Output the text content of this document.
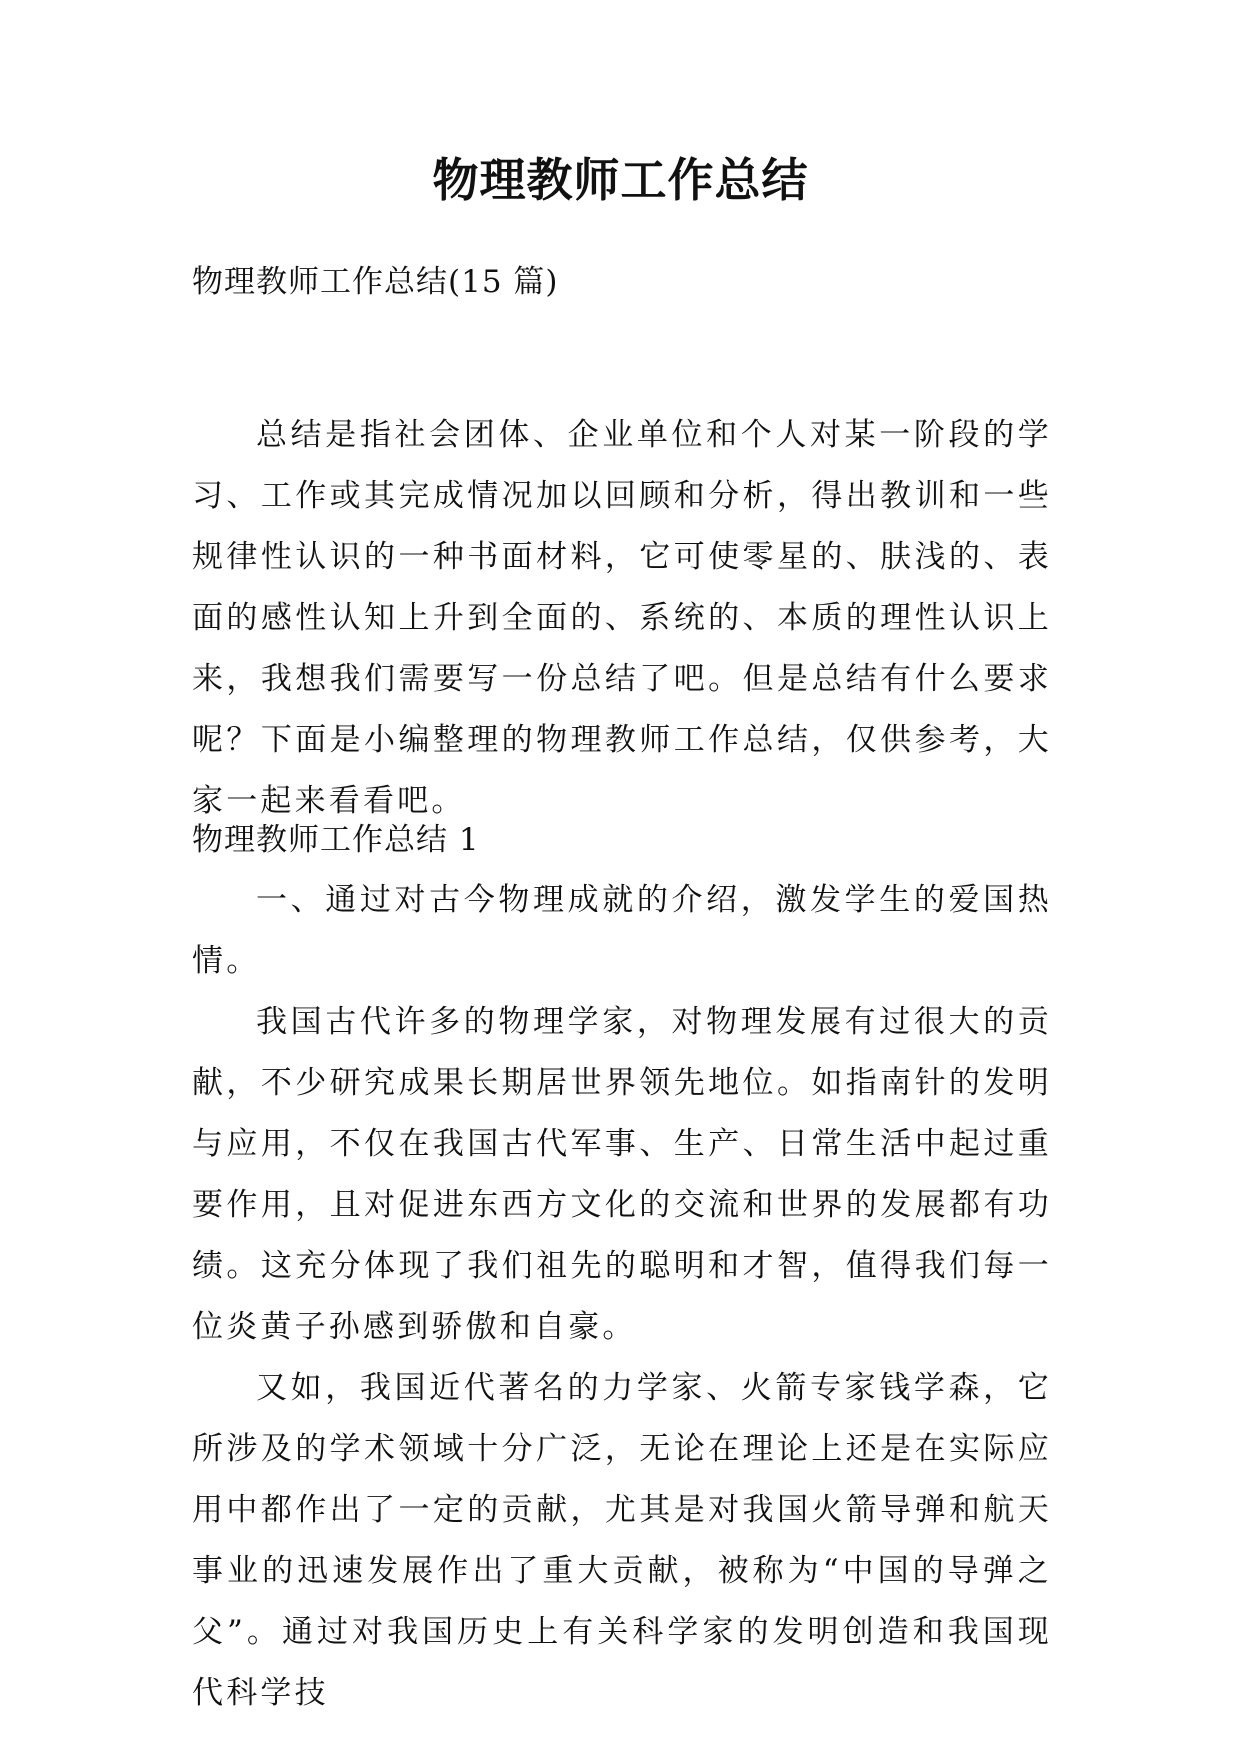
物理教师工作总结
物理教师工作总结(15 篇)
总结是指社会团体、企业单位和个人对某一阶段的学习、工作或其完成情况加以回顾和分析，得出教训和一些规律性认识的一种书面材料，它可使零星的、肤浅的、表面的感性认知上升到全面的、系统的、本质的理性认识上来，我想我们需要写一份总结了吧。但是总结有什么要求呢？下面是小编整理的物理教师工作总结，仅供参考，大家一起来看看吧。
物理教师工作总结 1

一、通过对古今物理成就的介绍，激发学生的爱国热情。

我国古代许多的物理学家，对物理发展有过很大的贡献，不少研究成果长期居世界领先地位。如指南针的发明与应用，不仅在我国古代军事、生产、日常生活中起过重要作用，且对促进东西方文化的交流和世界的发展都有功绩。这充分体现了我们祖先的聪明和才智，值得我们每一位炎黄子孙感到骄傲和自豪。

又如，我国近代著名的力学家、火箭专家钱学森，它所涉及的学术领域十分广泛，无论在理论上还是在实际应用中都作出了一定的贡献，尤其是对我国火箭导弹和航天事业的迅速发展作出了重大贡献，被称为“中国的导弹之父”。通过对我国历史上有关科学家的发明创造和我国现代科学技
